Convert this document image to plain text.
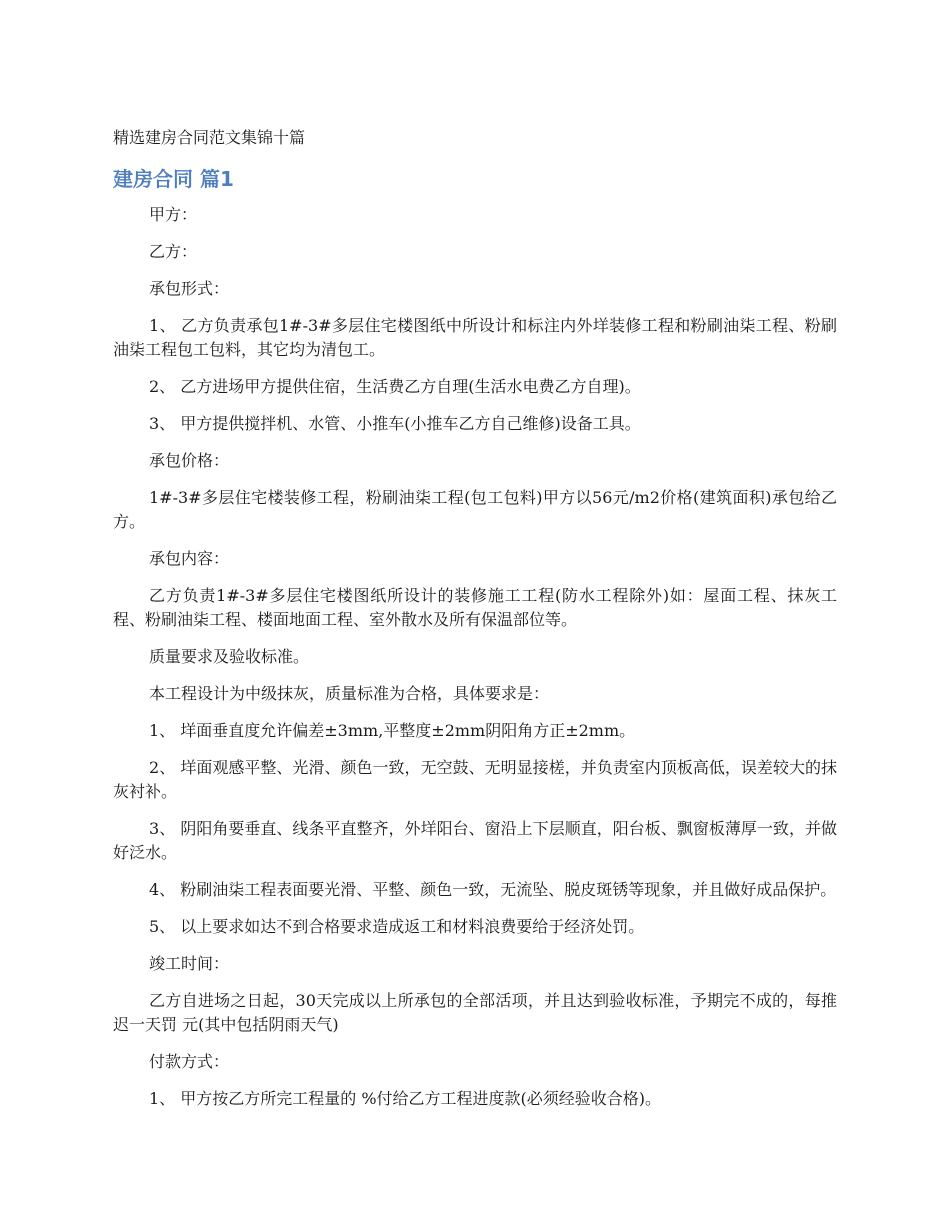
精选建房合同范文集锦十篇
建房合同 篇1

甲方：

乙方：

承包形式：

1、 乙方负责承包1#-3#多层住宅楼图纸中所设计和标注内外垟装修工程和粉刷油柒工程、粉刷油柒工程包工包料，其它均为清包工。

2、 乙方进场甲方提供住宿，生活费乙方自理(生活水电费乙方自理)。

3、 甲方提供搅拌机、水管、小推车(小推车乙方自己维修)设备工具。

承包价格：

1#-3#多层住宅楼装修工程，粉刷油柒工程(包工包料)甲方以56元/m2价格(建筑面积)承包给乙方。

承包内容：

乙方负责1#-3#多层住宅楼图纸所设计的装修施工工程(防水工程除外)如：屋面工程、抹灰工程、粉刷油柒工程、楼面地面工程、室外散水及所有保温部位等。

质量要求及验收标准。

本工程设计为中级抹灰，质量标准为合格，具体要求是：

1、 垟面垂直度允许偏差±3mm,平整度±2mm阴阳角方正±2mm。

2、 垟面观感平整、光滑、颜色一致，无空鼓、无明显接槎，并负责室内顶板高低，误差较大的抹灰衬补。

3、 阴阳角要垂直、线条平直整齐，外垟阳台、窗沿上下层顺直，阳台板、飘窗板薄厚一致，并做好泛水。

4、 粉刷油柒工程表面要光滑、平整、颜色一致，无流坠、脱皮斑锈等现象，并且做好成品保护。

5、 以上要求如达不到合格要求造成返工和材料浪费要给于经济处罚。

竣工时间：

乙方自进场之日起，30天完成以上所承包的全部活项，并且达到验收标准，予期完不成的，每推迟一天罚 元(其中包括阴雨天气)

付款方式：

1、 甲方按乙方所完工程量的 %付给乙方工程进度款(必须经验收合格)。
